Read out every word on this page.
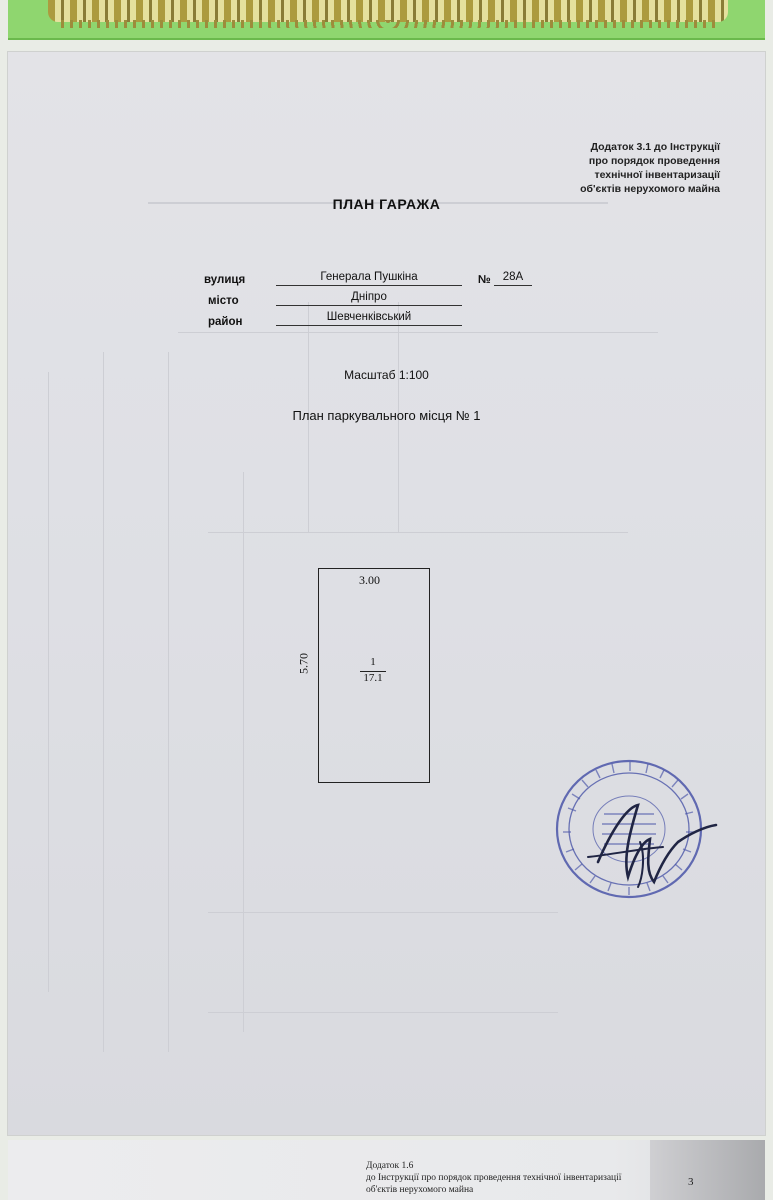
Додаток 3.1 до Інструкції
про порядок проведення
технічної інвентаризації
об'єктів нерухомого майна
ПЛАН ГАРАЖА
вулиця	Генерала Пушкіна	№	28А
місто	Дніпро
район	Шевченківський
Масштаб 1:100
План паркувального місця № 1
3.00
5.70	1
17.1
Додаток 1.6
до Інструкції про порядок проведення технічної інвентаризації
об'єктів нерухомого майна
3
